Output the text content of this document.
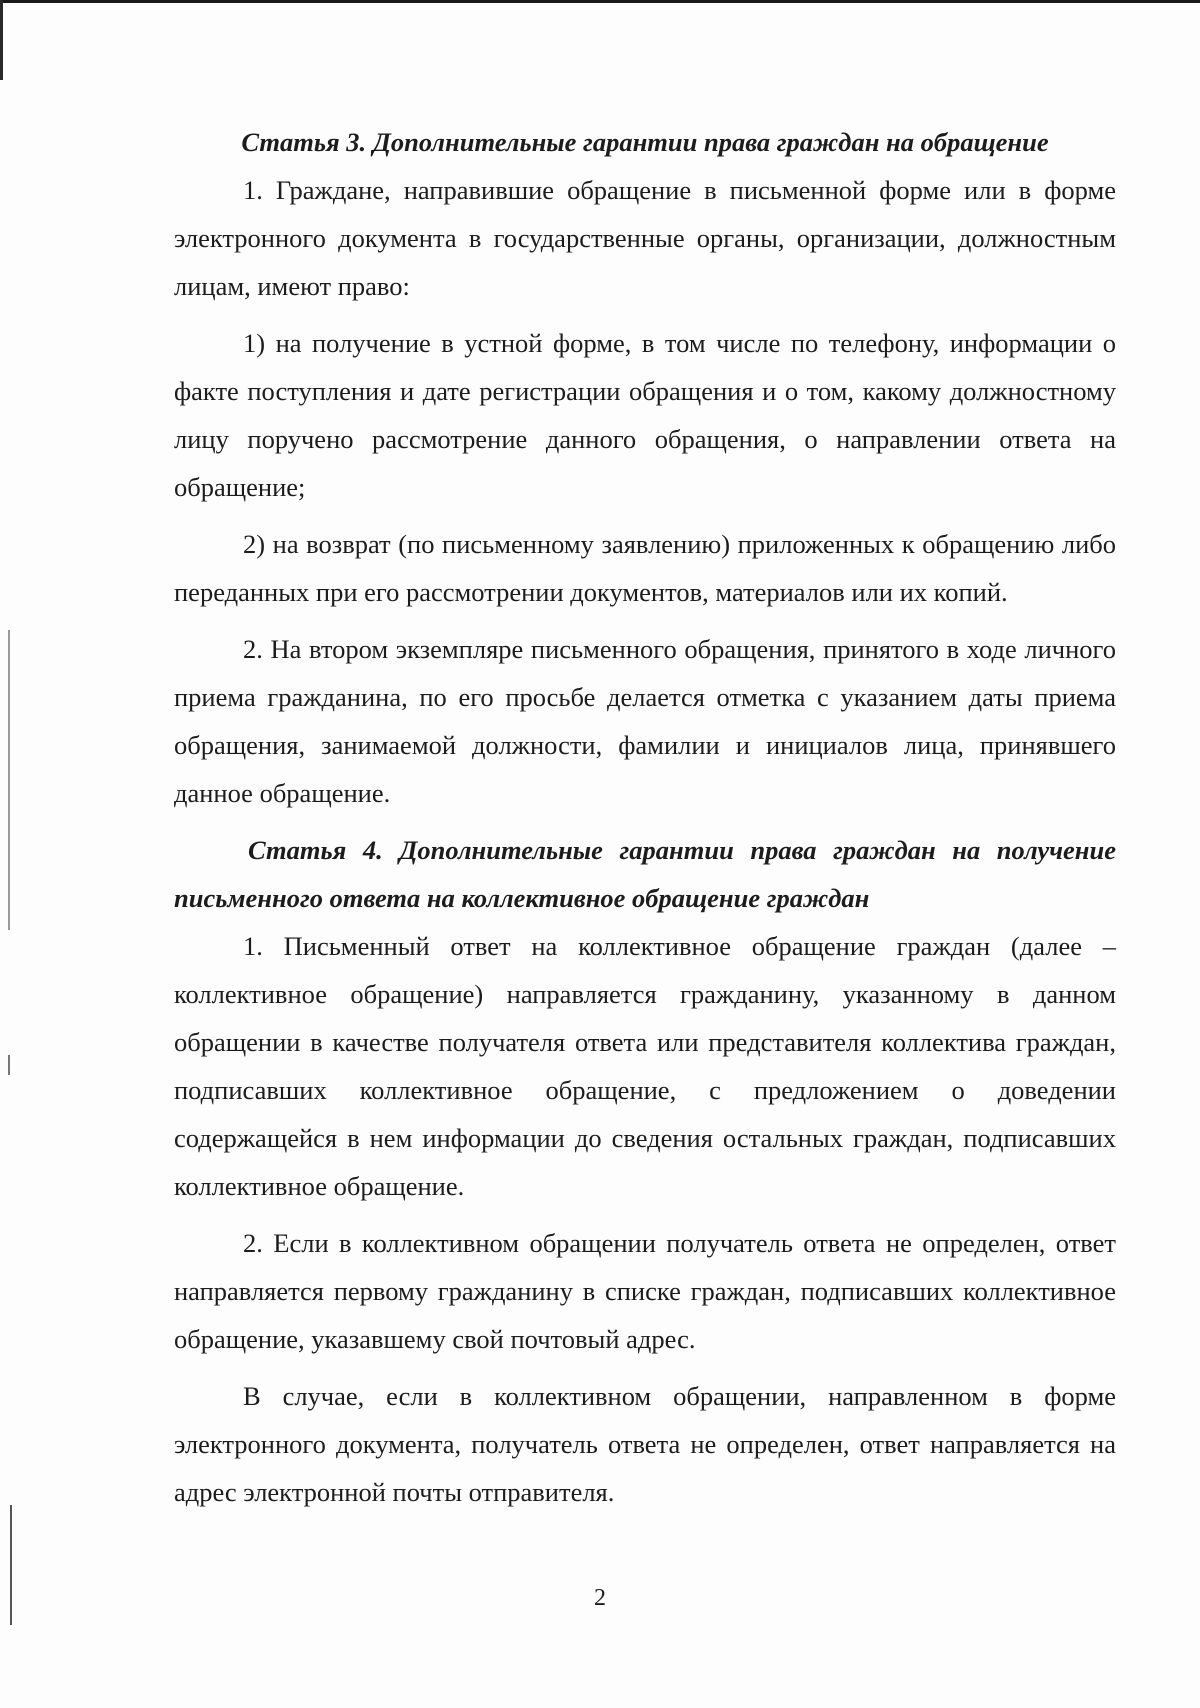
Статья 3. Дополнительные гарантии права граждан на обращение

1. Граждане, направившие обращение в письменной форме или в форме электронного документа в государственные органы, организации, должностным лицам, имеют право:

1) на получение в устной форме, в том числе по телефону, информации о факте поступления и дате регистрации обращения и о том, какому должностному лицу поручено рассмотрение данного обращения, о направлении ответа на обращение;

2) на возврат (по письменному заявлению) приложенных к обращению либо переданных при его рассмотрении документов, материалов или их копий.

2. На втором экземпляре письменного обращения, принятого в ходе личного приема гражданина, по его просьбе делается отметка с указанием даты приема обращения, занимаемой должности, фамилии и инициалов лица, принявшего данное обращение.

Статья 4. Дополнительные гарантии права граждан на получение письменного ответа на коллективное обращение граждан

1. Письменный ответ на коллективное обращение граждан (далее – коллективное обращение) направляется гражданину, указанному в данном обращении в качестве получателя ответа или представителя коллектива граждан, подписавших коллективное обращение, с предложением о доведении содержащейся в нем информации до сведения остальных граждан, подписавших коллективное обращение.

2. Если в коллективном обращении получатель ответа не определен, ответ направляется первому гражданину в списке граждан, подписавших коллективное обращение, указавшему свой почтовый адрес.

В случае, если в коллективном обращении, направленном в форме электронного документа, получатель ответа не определен, ответ направляется на адрес электронной почты отправителя.

2
